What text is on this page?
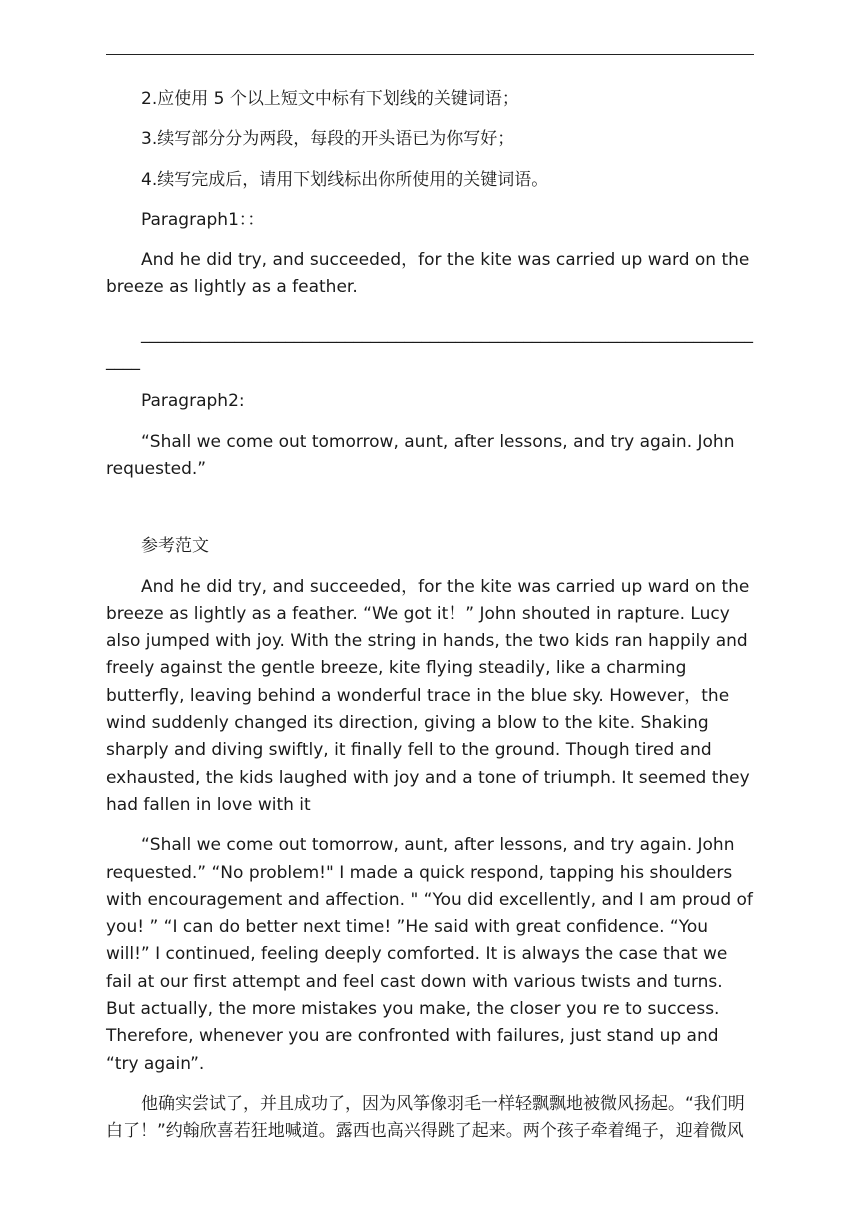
2.应使用 5 个以上短文中标有下划线的关键词语；

3.续写部分分为两段，每段的开头语已为你写好；

4.续写完成后，请用下划线标出你所使用的关键词语。

Paragraph1：：

And he did try, and succeeded，for the kite was carried up ward on the breeze as lightly as a feather.

____________________________________________________________________________

Paragraph2:

“Shall we come out tomorrow, aunt, after lessons, and try again. John requested.”

参考范文

And he did try, and succeeded，for the kite was carried up ward on the breeze as lightly as a feather. “We got it！” John shouted in rapture. Lucy also jumped with joy. With the string in hands, the two kids ran happily and freely against the gentle breeze, kite flying steadily, like a charming butterfly, leaving behind a wonderful trace in the blue sky. However，the wind suddenly changed its direction, giving a blow to the kite. Shaking sharply and diving swiftly, it finally fell to the ground. Though tired and exhausted, the kids laughed with joy and a tone of triumph. It seemed they had fallen in love with it

“Shall we come out tomorrow, aunt, after lessons, and try again. John requested.” “No problem!" I made a quick respond, tapping his shoulders with encouragement and affection. " “You did excellently, and I am proud of you! ” “I can do better next time! ”He said with great confidence. “You will!” I continued, feeling deeply comforted. It is always the case that we fail at our first attempt and feel cast down with various twists and turns. But actually, the more mistakes you make, the closer you re to success. Therefore, whenever you are confronted with failures, just stand up and “try again”.

他确实尝试了，并且成功了，因为风筝像羽毛一样轻飘飘地被微风扬起。“我们明白了！”约翰欣喜若狂地喊道。露西也高兴得跳了起来。两个孩子牵着绳子，迎着微风
